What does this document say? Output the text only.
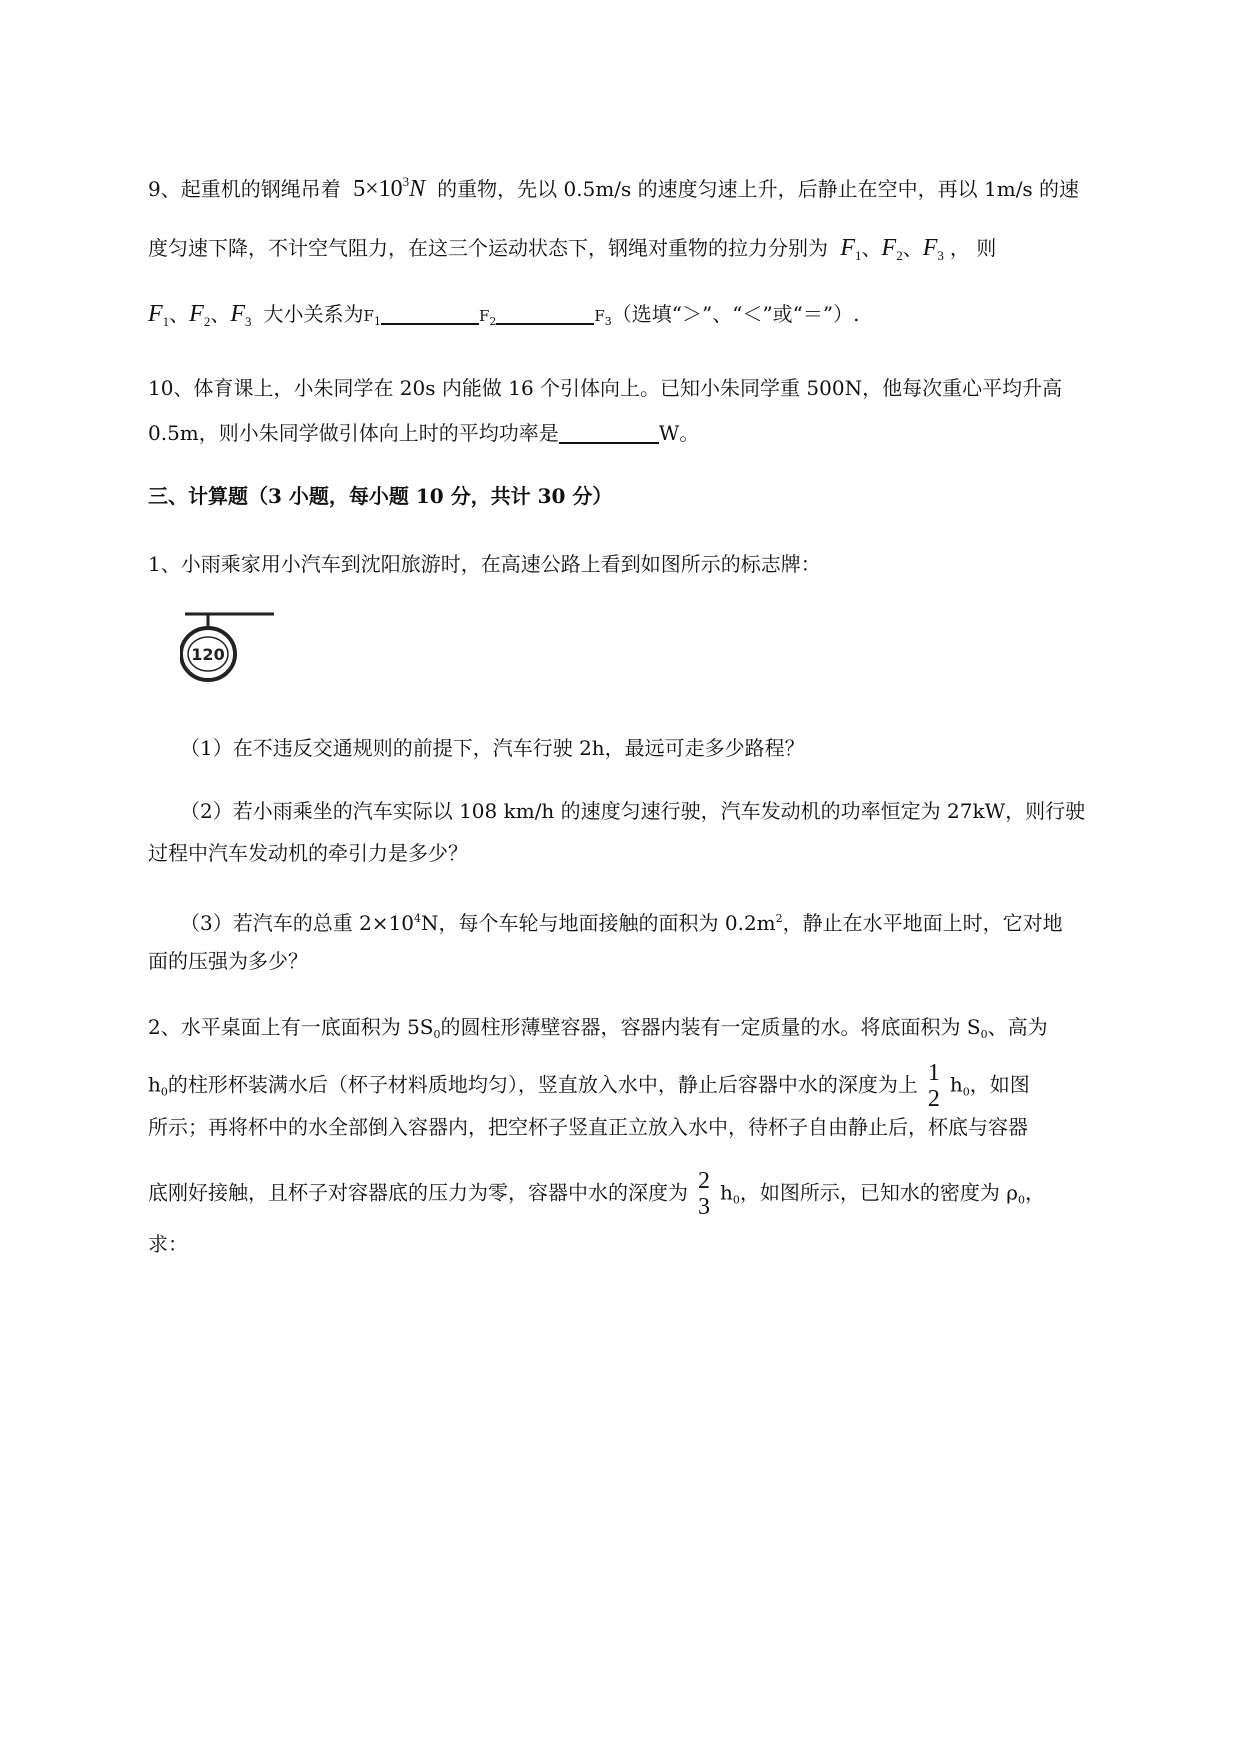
9、起重机的钢绳吊着 $5\times 10^3N$ 的重物，先以 0.5m/s 的速度匀速上升，后静止在空中，再以 1m/s 的速
度匀速下降，不计空气阻力，在这三个运动状态下，钢绳对重物的拉力分别为 $F_1$、$F_2$、$F_3$ ， 则
$F_1$、$F_2$、$F_3$ 大小关系为$F_1$	$F_2$	$F_3$（选填“＞”、“＜”或“＝”）.
10、体育课上，小朱同学在 20s 内能做 16 个引体向上。已知小朱同学重 500N，他每次重心平均升高
0.5m，则小朱同学做引体向上时的平均功率是	W。
三、计算题（3 小题，每小题 10 分，共计 30 分）
1、小雨乘家用小汽车到沈阳旅游时，在高速公路上看到如图所示的标志牌：
120
（1）在不违反交通规则的前提下，汽车行驶 2h，最远可走多少路程？
（2）若小雨乘坐的汽车实际以 108 km/h 的速度匀速行驶，汽车发动机的功率恒定为 27kW，则行驶
过程中汽车发动机的牵引力是多少？
（3）若汽车的总重 $2\times 10^4N$，每个车轮与地面接触的面积为 $0.2m^2$，静止在水平地面上时，它对地
面的压强为多少？
2、水平桌面上有一底面积为 $5S_0$的圆柱形薄壁容器，容器内装有一定质量的水。将底面积为 $S_0$、高为
$h_0$的柱形杯装满水后（杯子材料质地均匀），竖直放入水中，静止后容器中水的深度为上 1
2
$h_0$，如图
所示；再将杯中的水全部倒入容器内，把空杯子竖直正立放入水中，待杯子自由静止后，杯底与容器
底刚好接触，且杯子对容器底的压力为零，容器中水的深度为 2
3
$h_0$，如图所示，已知水的密度为 $\rho_0$，
求：
